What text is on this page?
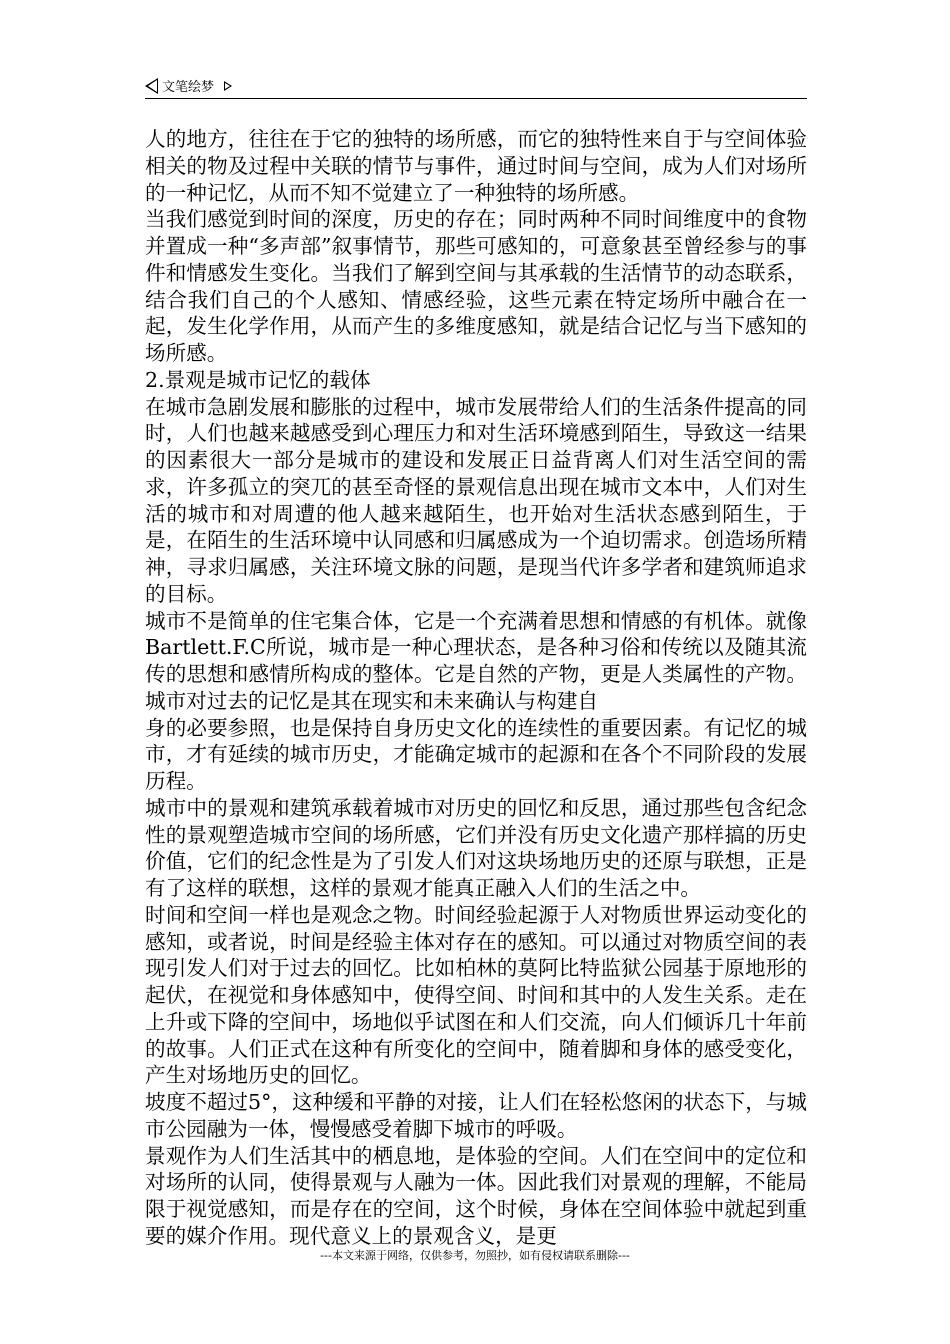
文笔绘梦

人的地方，往往在于它的独特的场所感，而它的独特性来自于与空间体验相关的物及过程中关联的情节与事件，通过时间与空间，成为人们对场所的一种记忆，从而不知不觉建立了一种独特的场所感。

当我们感觉到时间的深度，历史的存在；同时两种不同时间维度中的食物并置成一种“多声部”叙事情节，那些可感知的，可意象甚至曾经参与的事件和情感发生变化。当我们了解到空间与其承载的生活情节的动态联系，结合我们自己的个人感知、情感经验，这些元素在特定场所中融合在一起，发生化学作用，从而产生的多维度感知，就是结合记忆与当下感知的场所感。

2.景观是城市记忆的载体

在城市急剧发展和膨胀的过程中，城市发展带给人们的生活条件提高的同时，人们也越来越感受到心理压力和对生活环境感到陌生，导致这一结果的因素很大一部分是城市的建设和发展正日益背离人们对生活空间的需求，许多孤立的突兀的甚至奇怪的景观信息出现在城市文本中，人们对生活的城市和对周遭的他人越来越陌生，也开始对生活状态感到陌生，于是，在陌生的生活环境中认同感和归属感成为一个迫切需求。创造场所精神，寻求归属感，关注环境文脉的问题，是现当代许多学者和建筑师追求的目标。

城市不是简单的住宅集合体，它是一个充满着思想和情感的有机体。就像Bartlett.F.C所说，城市是一种心理状态，是各种习俗和传统以及随其流传的思想和感情所构成的整体。它是自然的产物，更是人类属性的产物。城市对过去的记忆是其在现实和未来确认与构建自

身的必要参照，也是保持自身历史文化的连续性的重要因素。有记忆的城市，才有延续的城市历史，才能确定城市的起源和在各个不同阶段的发展历程。

城市中的景观和建筑承载着城市对历史的回忆和反思，通过那些包含纪念性的景观塑造城市空间的场所感，它们并没有历史文化遗产那样搞的历史价值，它们的纪念性是为了引发人们对这块场地历史的还原与联想，正是有了这样的联想，这样的景观才能真正融入人们的生活之中。

时间和空间一样也是观念之物。时间经验起源于人对物质世界运动变化的感知，或者说，时间是经验主体对存在的感知。可以通过对物质空间的表现引发人们对于过去的回忆。比如柏林的莫阿比特监狱公园基于原地形的起伏，在视觉和身体感知中，使得空间、时间和其中的人发生关系。走在上升或下降的空间中，场地似乎试图在和人们交流，向人们倾诉几十年前的故事。人们正式在这种有所变化的空间中，随着脚和身体的感受变化，产生对场地历史的回忆。

坡度不超过5°，这种缓和平静的对接，让人们在轻松悠闲的状态下，与城市公园融为一体，慢慢感受着脚下城市的呼吸。

景观作为人们生活其中的栖息地，是体验的空间。人们在空间中的定位和对场所的认同，使得景观与人融为一体。因此我们对景观的理解，不能局限于视觉感知，而是存在的空间，这个时候，身体在空间体验中就起到重要的媒介作用。现代意义上的景观含义，是更

---本文来源于网络，仅供参考，勿照抄，如有侵权请联系删除---
